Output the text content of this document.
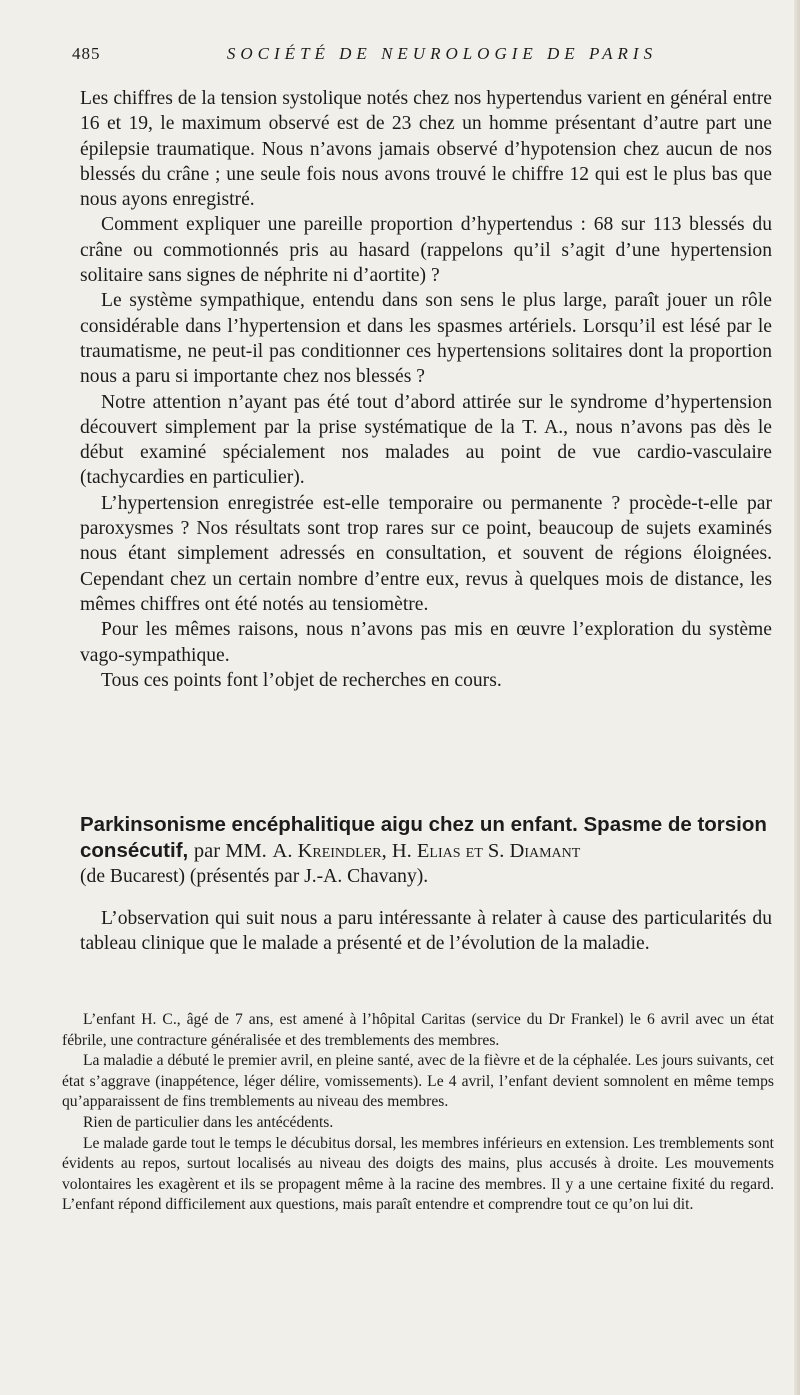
485	SOCIÉTÉ DE NEUROLOGIE DE PARIS

Les chiffres de la tension systolique notés chez nos hypertendus varient en général entre 16 et 19, le maximum observé est de 23 chez un homme présentant d’autre part une épilepsie traumatique. Nous n’avons jamais observé d’hypotension chez aucun de nos blessés du crâne ; une seule fois nous avons trouvé le chiffre 12 qui est le plus bas que nous ayons enregistré.

Comment expliquer une pareille proportion d’hypertendus : 68 sur 113 blessés du crâne ou commotionnés pris au hasard (rappelons qu’il s’agit d’une hypertension solitaire sans signes de néphrite ni d’aortite) ?

Le système sympathique, entendu dans son sens le plus large, paraît jouer un rôle considérable dans l’hypertension et dans les spasmes artériels. Lorsqu’il est lésé par le traumatisme, ne peut-il pas conditionner ces hypertensions solitaires dont la proportion nous a paru si importante chez nos blessés ?

Notre attention n’ayant pas été tout d’abord attirée sur le syndrome d’hypertension découvert simplement par la prise systématique de la T. A., nous n’avons pas dès le début examiné spécialement nos malades au point de vue cardio-vasculaire (tachycardies en particulier).

L’hypertension enregistrée est-elle temporaire ou permanente ? procède-t-elle par paroxysmes ? Nos résultats sont trop rares sur ce point, beaucoup de sujets examinés nous étant simplement adressés en consultation, et souvent de régions éloignées. Cependant chez un certain nombre d’entre eux, revus à quelques mois de distance, les mêmes chiffres ont été notés au tensiomètre.

Pour les mêmes raisons, nous n’avons pas mis en œuvre l’exploration du système vago-sympathique.

Tous ces points font l’objet de recherches en cours.

Parkinsonisme encéphalitique aigu chez un enfant. Spasme de torsion consécutif, par MM. A. Kreindler, H. Elias et S. Diamant

(de Bucarest) (présentés par J.-A. Chavany).

L’observation qui suit nous a paru intéressante à relater à cause des particularités du tableau clinique que le malade a présenté et de l’évolution de la maladie.

L’enfant H. C., âgé de 7 ans, est amené à l’hôpital Caritas (service du Dr Frankel) le 6 avril avec un état fébrile, une contracture généralisée et des tremblements des membres.

La maladie a débuté le premier avril, en pleine santé, avec de la fièvre et de la céphalée. Les jours suivants, cet état s’aggrave (inappétence, léger délire, vomissements). Le 4 avril, l’enfant devient somnolent en même temps qu’apparaissent de fins tremblements au niveau des membres.

Rien de particulier dans les antécédents.

Le malade garde tout le temps le décubitus dorsal, les membres inférieurs en extension. Les tremblements sont évidents au repos, surtout localisés au niveau des doigts des mains, plus accusés à droite. Les mouvements volontaires les exagèrent et ils se propagent même à la racine des membres. Il y a une certaine fixité du regard. L’enfant répond difficilement aux questions, mais paraît entendre et comprendre tout ce qu’on lui dit.
